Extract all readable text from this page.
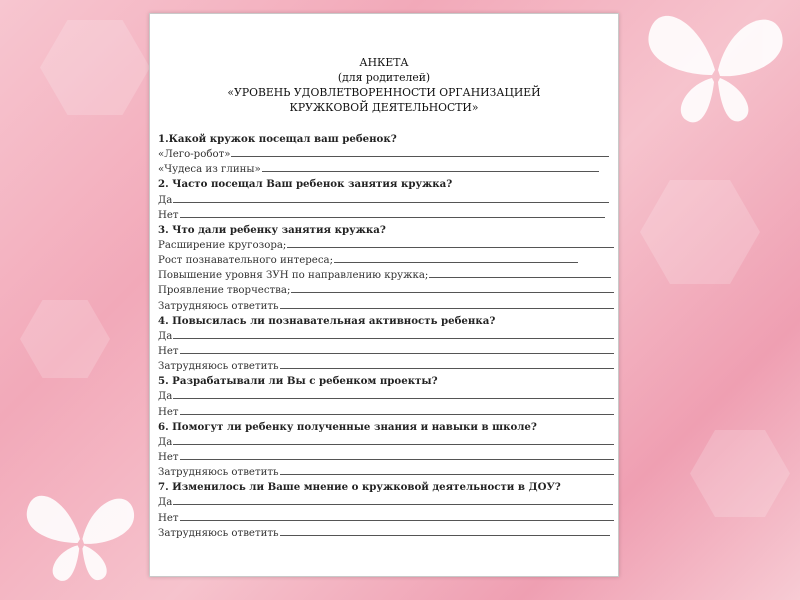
АНКЕТА
(для родителей)
«УРОВЕНЬ УДОВЛЕТВОРЕННОСТИ ОРГАНИЗАЦИЕЙ
КРУЖКОВОЙ ДЕЯТЕЛЬНОСТИ»
1.Какой кружок посещал ваш ребенок?
«Лего-робот»
«Чудеса из глины»
2. Часто посещал Ваш ребенок занятия кружка?
Да
Нет
3. Что дали ребенку занятия кружка?
Расширение кругозора;
Рост познавательного интереса;
Повышение уровня ЗУН по направлению кружка;
Проявление творчества;
Затрудняюсь ответить
4. Повысилась ли познавательная активность ребенка?
Да
Нет
Затрудняюсь ответить
5. Разрабатывали ли Вы с ребенком проекты?
Да
Нет
6. Помогут ли ребенку полученные знания и навыки в школе?
Да
Нет
Затрудняюсь ответить
7. Изменилось ли Ваше мнение о кружковой деятельности в ДОУ?
Да
Нет
Затрудняюсь ответить
